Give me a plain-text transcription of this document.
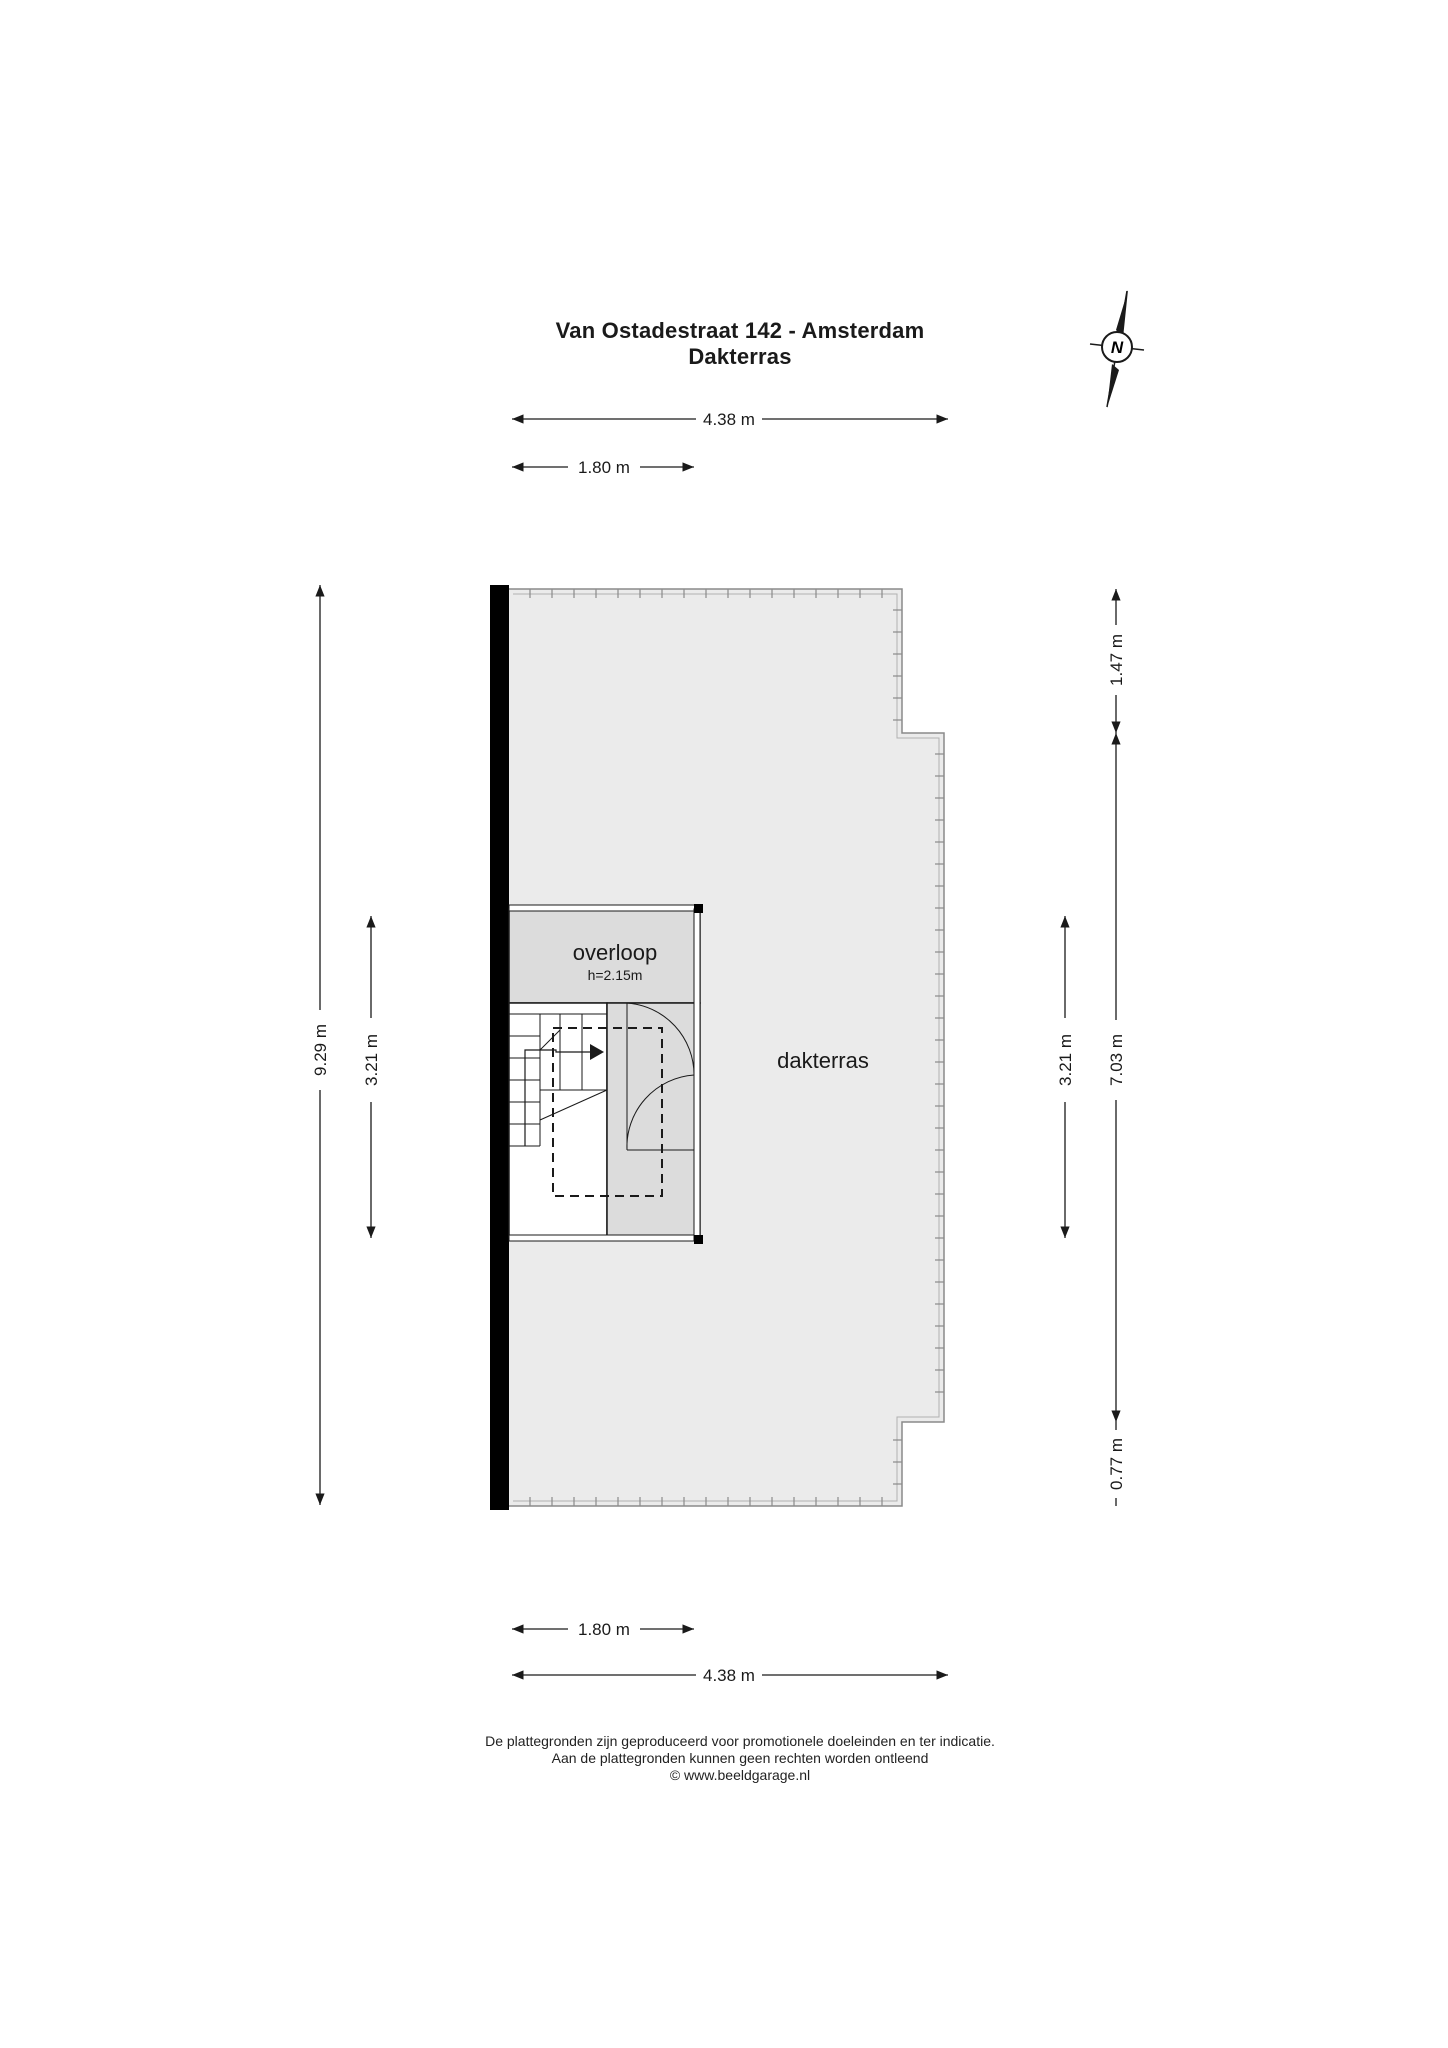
Van Ostadestraat 142 - Amsterdam
Dakterras	N
overloop
h=2.15m
dakterras
4.38 m
1.80 m
1.80 m
4.38 m
9.29 m 3.21 m	3.21 m
1.47 m
7.03 m
0.77 m
De plattegronden zijn geproduceerd voor promotionele doeleinden en ter indicatie.
Aan de plattegronden kunnen geen rechten worden ontleend
© www.beeldgarage.nl
